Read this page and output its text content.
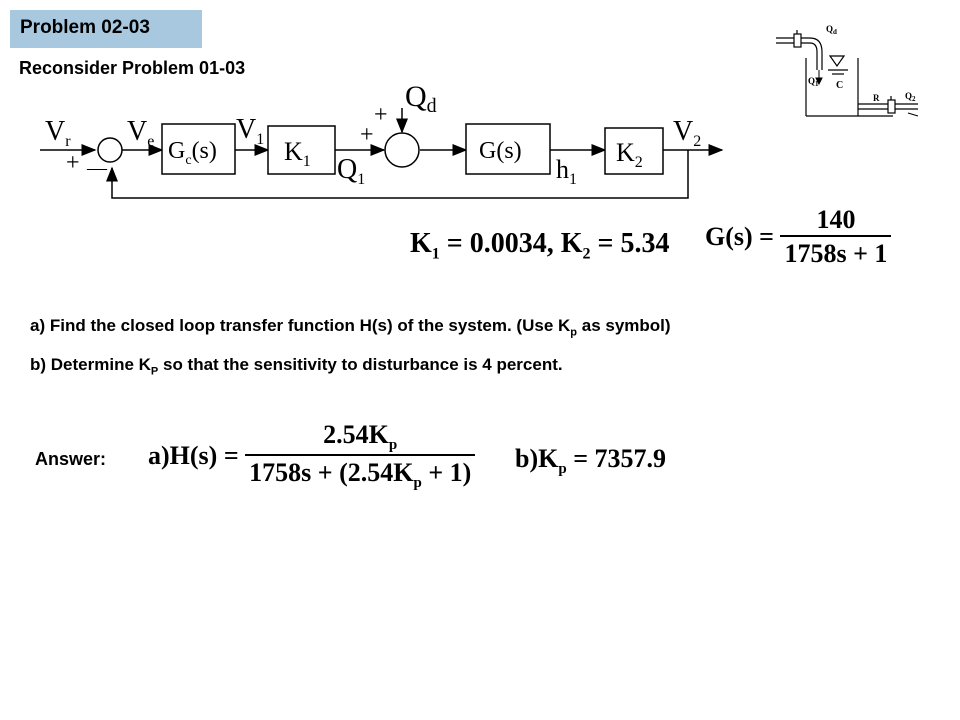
Problem 02-03
Reconsider Problem 01-03
$G_c(s)$	$K_1$	G(s)	$K_2$
$V_r$ $V_e$	$V_1$	$V_2$
$Q_d$
$Q_1$	$h_1$
+ —
+
+
$Q_d$
$Q_1$ C
R	$Q_2$
$K_1 = 0.0034$, $K_2 = 5.34$ $G(s) = \frac{140}{1758s + 1}$
a) Find the closed loop transfer function H(s) of the system. (Use $K_p$ as symbol)
b) Determine $K_P$ so that the sensitivity to disturbance is 4 percent.
Answer: $a)H(s) = \frac{2.54K_p}{1758s + (2.54K_p + 1)} b)K_p = 7357.9$
